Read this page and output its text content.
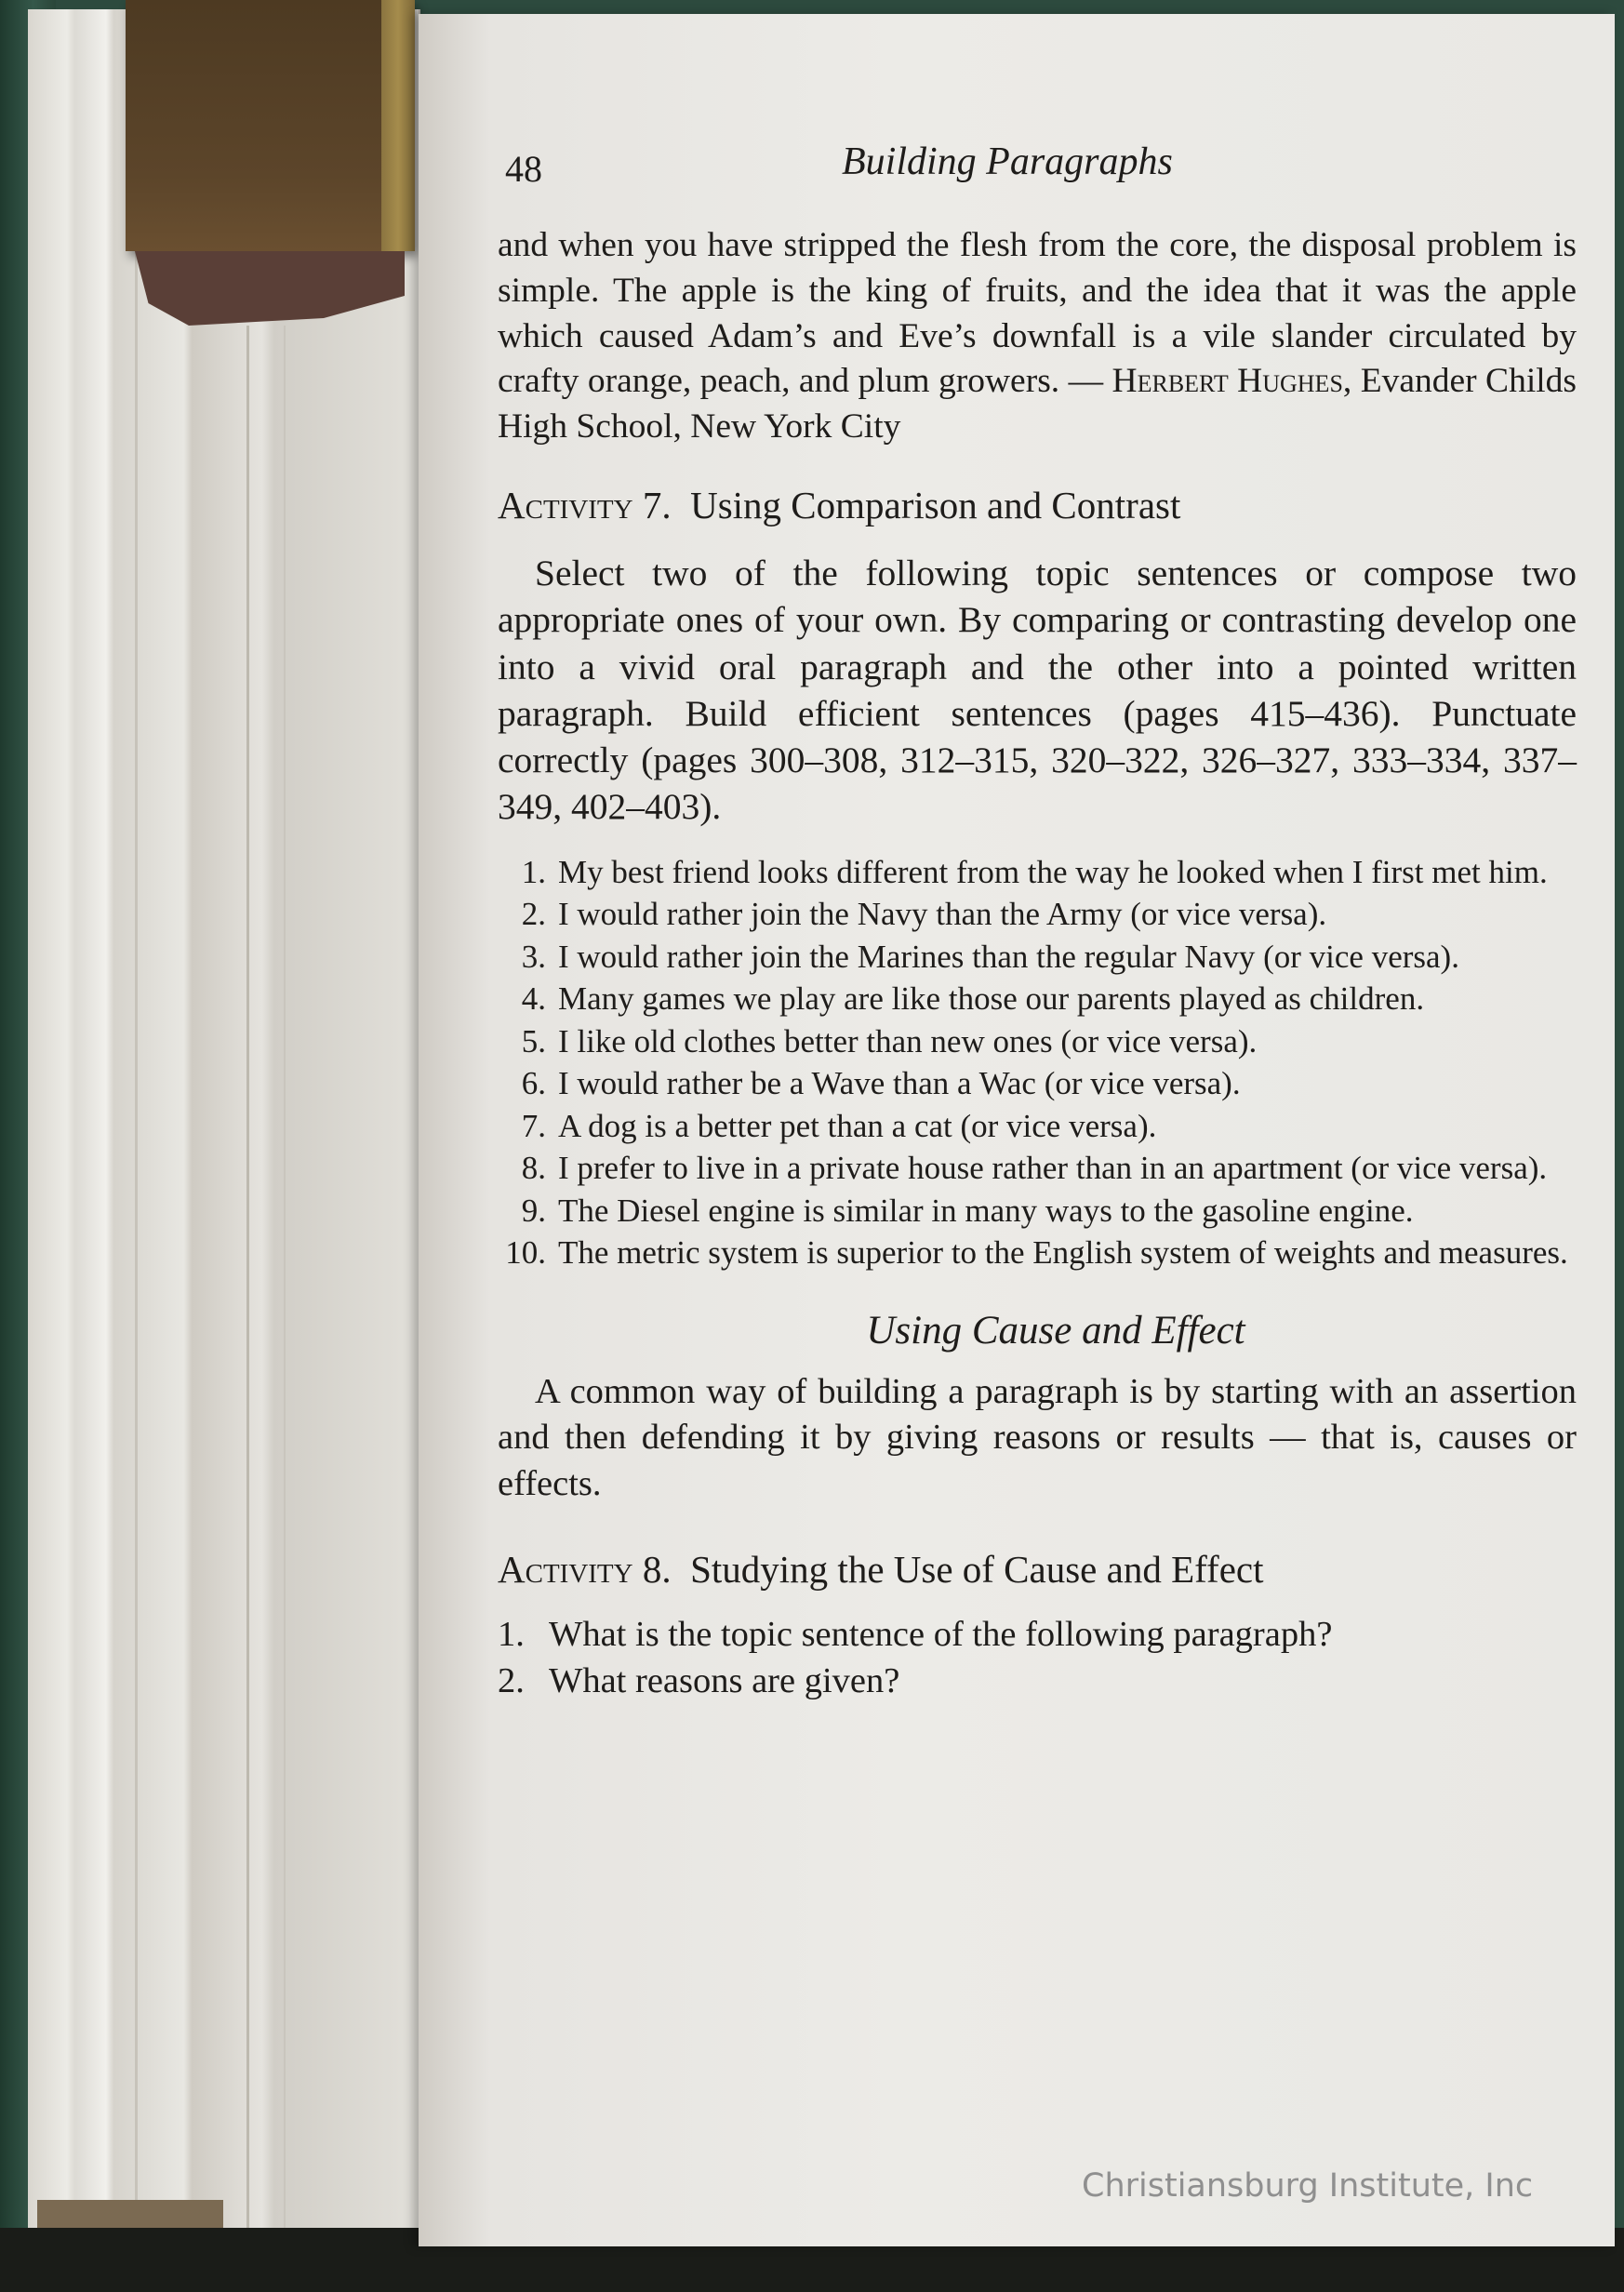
48	Building Paragraphs

and when you have stripped the flesh from the core, the disposal problem is simple. The apple is the king of fruits, and the idea that it was the apple which caused Adam’s and Eve’s downfall is a vile slander circulated by crafty orange, peach, and plum growers. — Herbert Hughes, Evander Childs High School, New York City

Activity 7.  Using Comparison and Contrast

Select two of the following topic sentences or compose two appropriate ones of your own. By comparing or contrasting develop one into a vivid oral paragraph and the other into a pointed written paragraph. Build efficient sentences (pages 415–436). Punctuate correctly (pages 300–308, 312–315, 320–322, 326–327, 333–334, 337–349, 402–403).

1. My best friend looks different from the way he looked when I first met him.
2. I would rather join the Navy than the Army (or vice versa).
3. I would rather join the Marines than the regular Navy (or vice versa).
4. Many games we play are like those our parents played as children.
5. I like old clothes better than new ones (or vice versa).
6. I would rather be a Wave than a Wac (or vice versa).
7. A dog is a better pet than a cat (or vice versa).
8. I prefer to live in a private house rather than in an apartment (or vice versa).
9. The Diesel engine is similar in many ways to the gasoline engine.
10. The metric system is superior to the English system of weights and measures.
Using Cause and Effect

A common way of building a paragraph is by starting with an assertion and then defending it by giving reasons or results — that is, causes or effects.

Activity 8.  Studying the Use of Cause and Effect
1. What is the topic sentence of the following paragraph?
2. What reasons are given?
Christiansburg Institute, Inc
